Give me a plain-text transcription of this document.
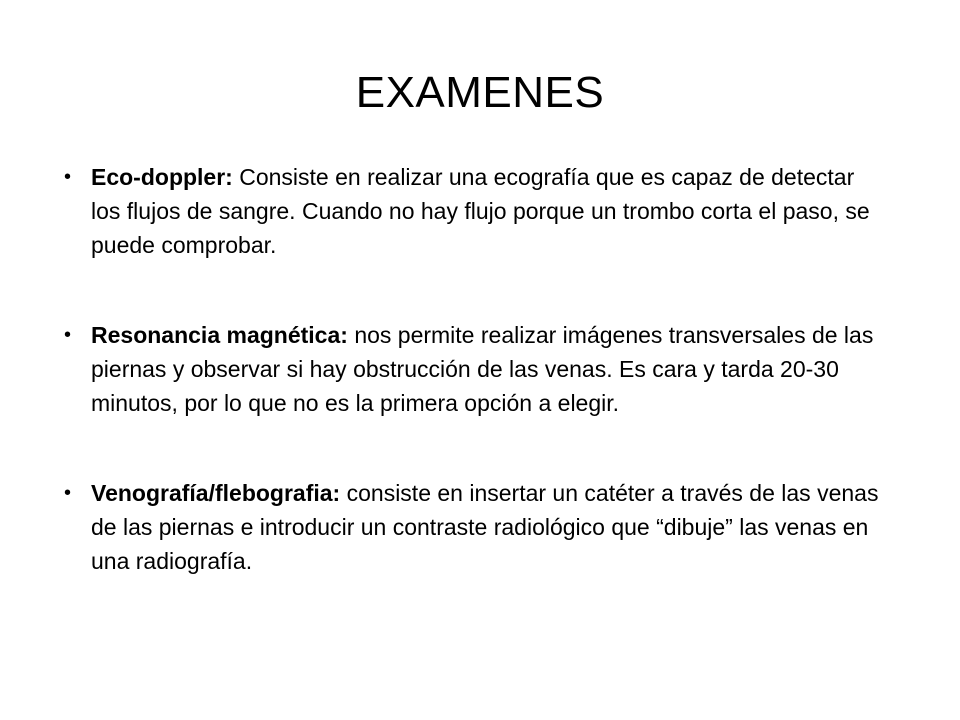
EXAMENES
• Eco-doppler: Consiste en realizar una ecografía que es capaz de detectar los flujos de sangre. Cuando no hay flujo porque un trombo corta el paso, se puede comprobar.
• Resonancia magnética: nos permite realizar imágenes transversales de las piernas y observar si hay obstrucción de las venas. Es cara y tarda 20-30 minutos, por lo que no es la primera opción a elegir.
• Venografía/flebografia: consiste en insertar un catéter a través de las venas de las piernas e introducir un contraste radiológico que “dibuje” las venas en una radiografía.
